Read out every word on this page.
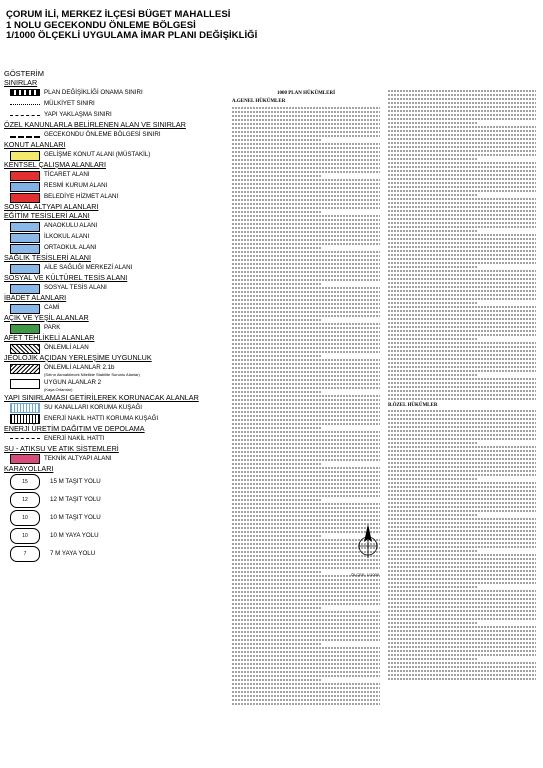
ÇORUM İLİ, MERKEZ İLÇESİ BÜGET MAHALLESİ
1 NOLU GECEKONDU ÖNLEME BÖLGESİ
1/1000 ÖLÇEKLİ UYGULAMA İMAR PLANI DEĞİŞİKLİĞİ
GÖSTERİM
SINIRLAR
PLAN DEĞİŞİKLİĞİ ONAMA SINIRI
MÜLKİYET SINIRI
YAPI YAKLAŞMA SINIRI
ÖZEL KANUNLARLA BELİRLENEN ALAN VE SINIRLAR
GECEKONDU ÖNLEME BÖLGESİ SINIRI
KONUT ALANLARI
GELİŞME KONUT ALANI (MÜSTAKİL)
KENTSEL ÇALIŞMA ALANLARI
TİCARET ALANI
RESMİ KURUM ALANI
BELEDİYE HİZMET ALANI
SOSYAL ALTYAPI ALANLARI
EĞİTİM TESİSLERİ ALANI
ANAOKULU ALANI
İLKOKUL ALANI
ORTAOKUL ALANI
SAĞLIK TESİSLERİ ALANI
AİLE SAĞLIĞI MERKEZİ ALANI
SOSYAL VE KÜLTÜREL TESİS ALANI
SOSYAL TESİS ALANI
İBADET ALANLARI
CAMİ
AÇIK VE YEŞİL ALANLAR
PARK
AFET TEHLİKELİ ALANLAR
ÖNLEMLİ ALAN
JEOLOJİK AÇIDAN YERLEŞİME UYGUNLUK
ÖNLEMLİ ALANLAR 2.1b
(Sıfırın Akmabilecek Nitelikte Stabilite Sorunlu Alanlar)
UYGUN ALANLAR 2
(Kaya Ortamlar)
YAPI SINIRLAMASI GETİRİLEREK KORUNACAK ALANLAR
SU KANALLARI KORUMA KUŞAĞI
ENERJİ NAKİL HATTI KORUMA KUŞAĞI
ENERJİ ÜRETİM DAĞITIM VE DEPOLAMA
ENERJİ NAKİL HATTI
SU - ATIKSU VE ATIK SİSTEMLERİ
TEKNİK ALTYAPI ALANI
KARAYOLLARI
15	15 M TAŞIT YOLU
12	12 M TAŞIT YOLU
10	10 M TAŞIT YOLU
10	10 M YAYA YOLU
7	7 M YAYA YOLU
1000 PLAN HÜKÜMLERİ
A.GENEL HÜKÜMLER
B.ÖZEL HÜKÜMLER
ÖLÇEK: 1/1000
